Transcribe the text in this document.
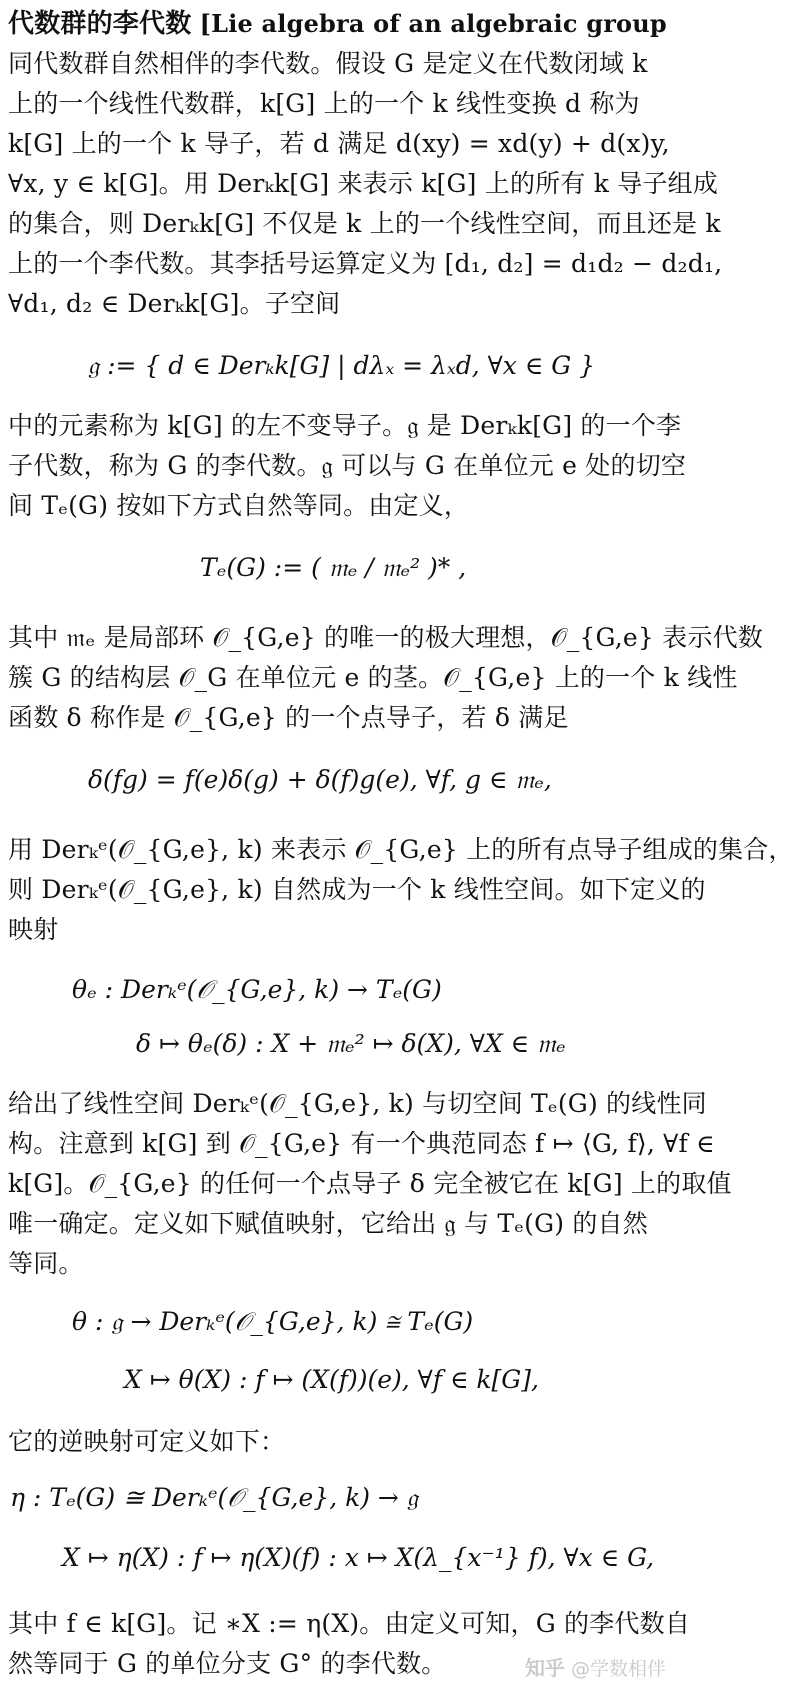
代数群的李代数 [Lie algebra of an algebraic group
同代数群自然相伴的李代数。假设 G 是定义在代数闭域 k
上的一个线性代数群，k[G] 上的一个 k 线性变换 d 称为
k[G] 上的一个 k 导子，若 d 满足 d(xy) = xd(y) + d(x)y,
∀x, y ∈ k[G]。用 Derₖk[G] 来表示 k[G] 上的所有 k 导子组成
的集合，则 Derₖk[G] 不仅是 k 上的一个线性空间，而且还是 k
上的一个李代数。其李括号运算定义为 [d₁, d₂] = d₁d₂ − d₂d₁,
∀d₁, d₂ ∈ Derₖk[G]。子空间
𝔤 := { d ∈ Derₖk[G] | dλₓ = λₓd, ∀x ∈ G }
中的元素称为 k[G] 的左不变导子。𝔤 是 Derₖk[G] 的一个李
子代数，称为 G 的李代数。𝔤 可以与 G 在单位元 e 处的切空
间 Tₑ(G) 按如下方式自然等同。由定义，
Tₑ(G) := ( 𝔪ₑ / 𝔪ₑ² )* ,
其中 𝔪ₑ 是局部环 𝒪_{G,e} 的唯一的极大理想，𝒪_{G,e} 表示代数
簇 G 的结构层 𝒪_G 在单位元 e 的茎。𝒪_{G,e} 上的一个 k 线性
函数 δ 称作是 𝒪_{G,e} 的一个点导子，若 δ 满足
δ(fg) = f(e)δ(g) + δ(f)g(e), ∀f, g ∈ 𝔪ₑ,
用 Derₖᵉ(𝒪_{G,e}, k) 来表示 𝒪_{G,e} 上的所有点导子组成的集合，
则 Derₖᵉ(𝒪_{G,e}, k) 自然成为一个 k 线性空间。如下定义的
映射
θₑ : Derₖᵉ(𝒪_{G,e}, k) → Tₑ(G)
δ ↦ θₑ(δ) : X + 𝔪ₑ² ↦ δ(X), ∀X ∈ 𝔪ₑ
给出了线性空间 Derₖᵉ(𝒪_{G,e}, k) 与切空间 Tₑ(G) 的线性同
构。注意到 k[G] 到 𝒪_{G,e} 有一个典范同态 f ↦ ⟨G, f⟩, ∀f ∈
k[G]。𝒪_{G,e} 的任何一个点导子 δ 完全被它在 k[G] 上的取值
唯一确定。定义如下赋值映射，它给出 𝔤 与 Tₑ(G) 的自然
等同。
θ : 𝔤 → Derₖᵉ(𝒪_{G,e}, k) ≅ Tₑ(G)
X ↦ θ(X) : f ↦ (X(f))(e), ∀f ∈ k[G],
它的逆映射可定义如下：
η : Tₑ(G) ≅ Derₖᵉ(𝒪_{G,e}, k) → 𝔤
X ↦ η(X) : f ↦ η(X)(f) : x ↦ X(λ_{x⁻¹} f), ∀x ∈ G,
其中 f ∈ k[G]。记 ∗X := η(X)。由定义可知，G 的李代数自
然等同于 G 的单位分支 G° 的李代数。	知乎 @学数相伴
